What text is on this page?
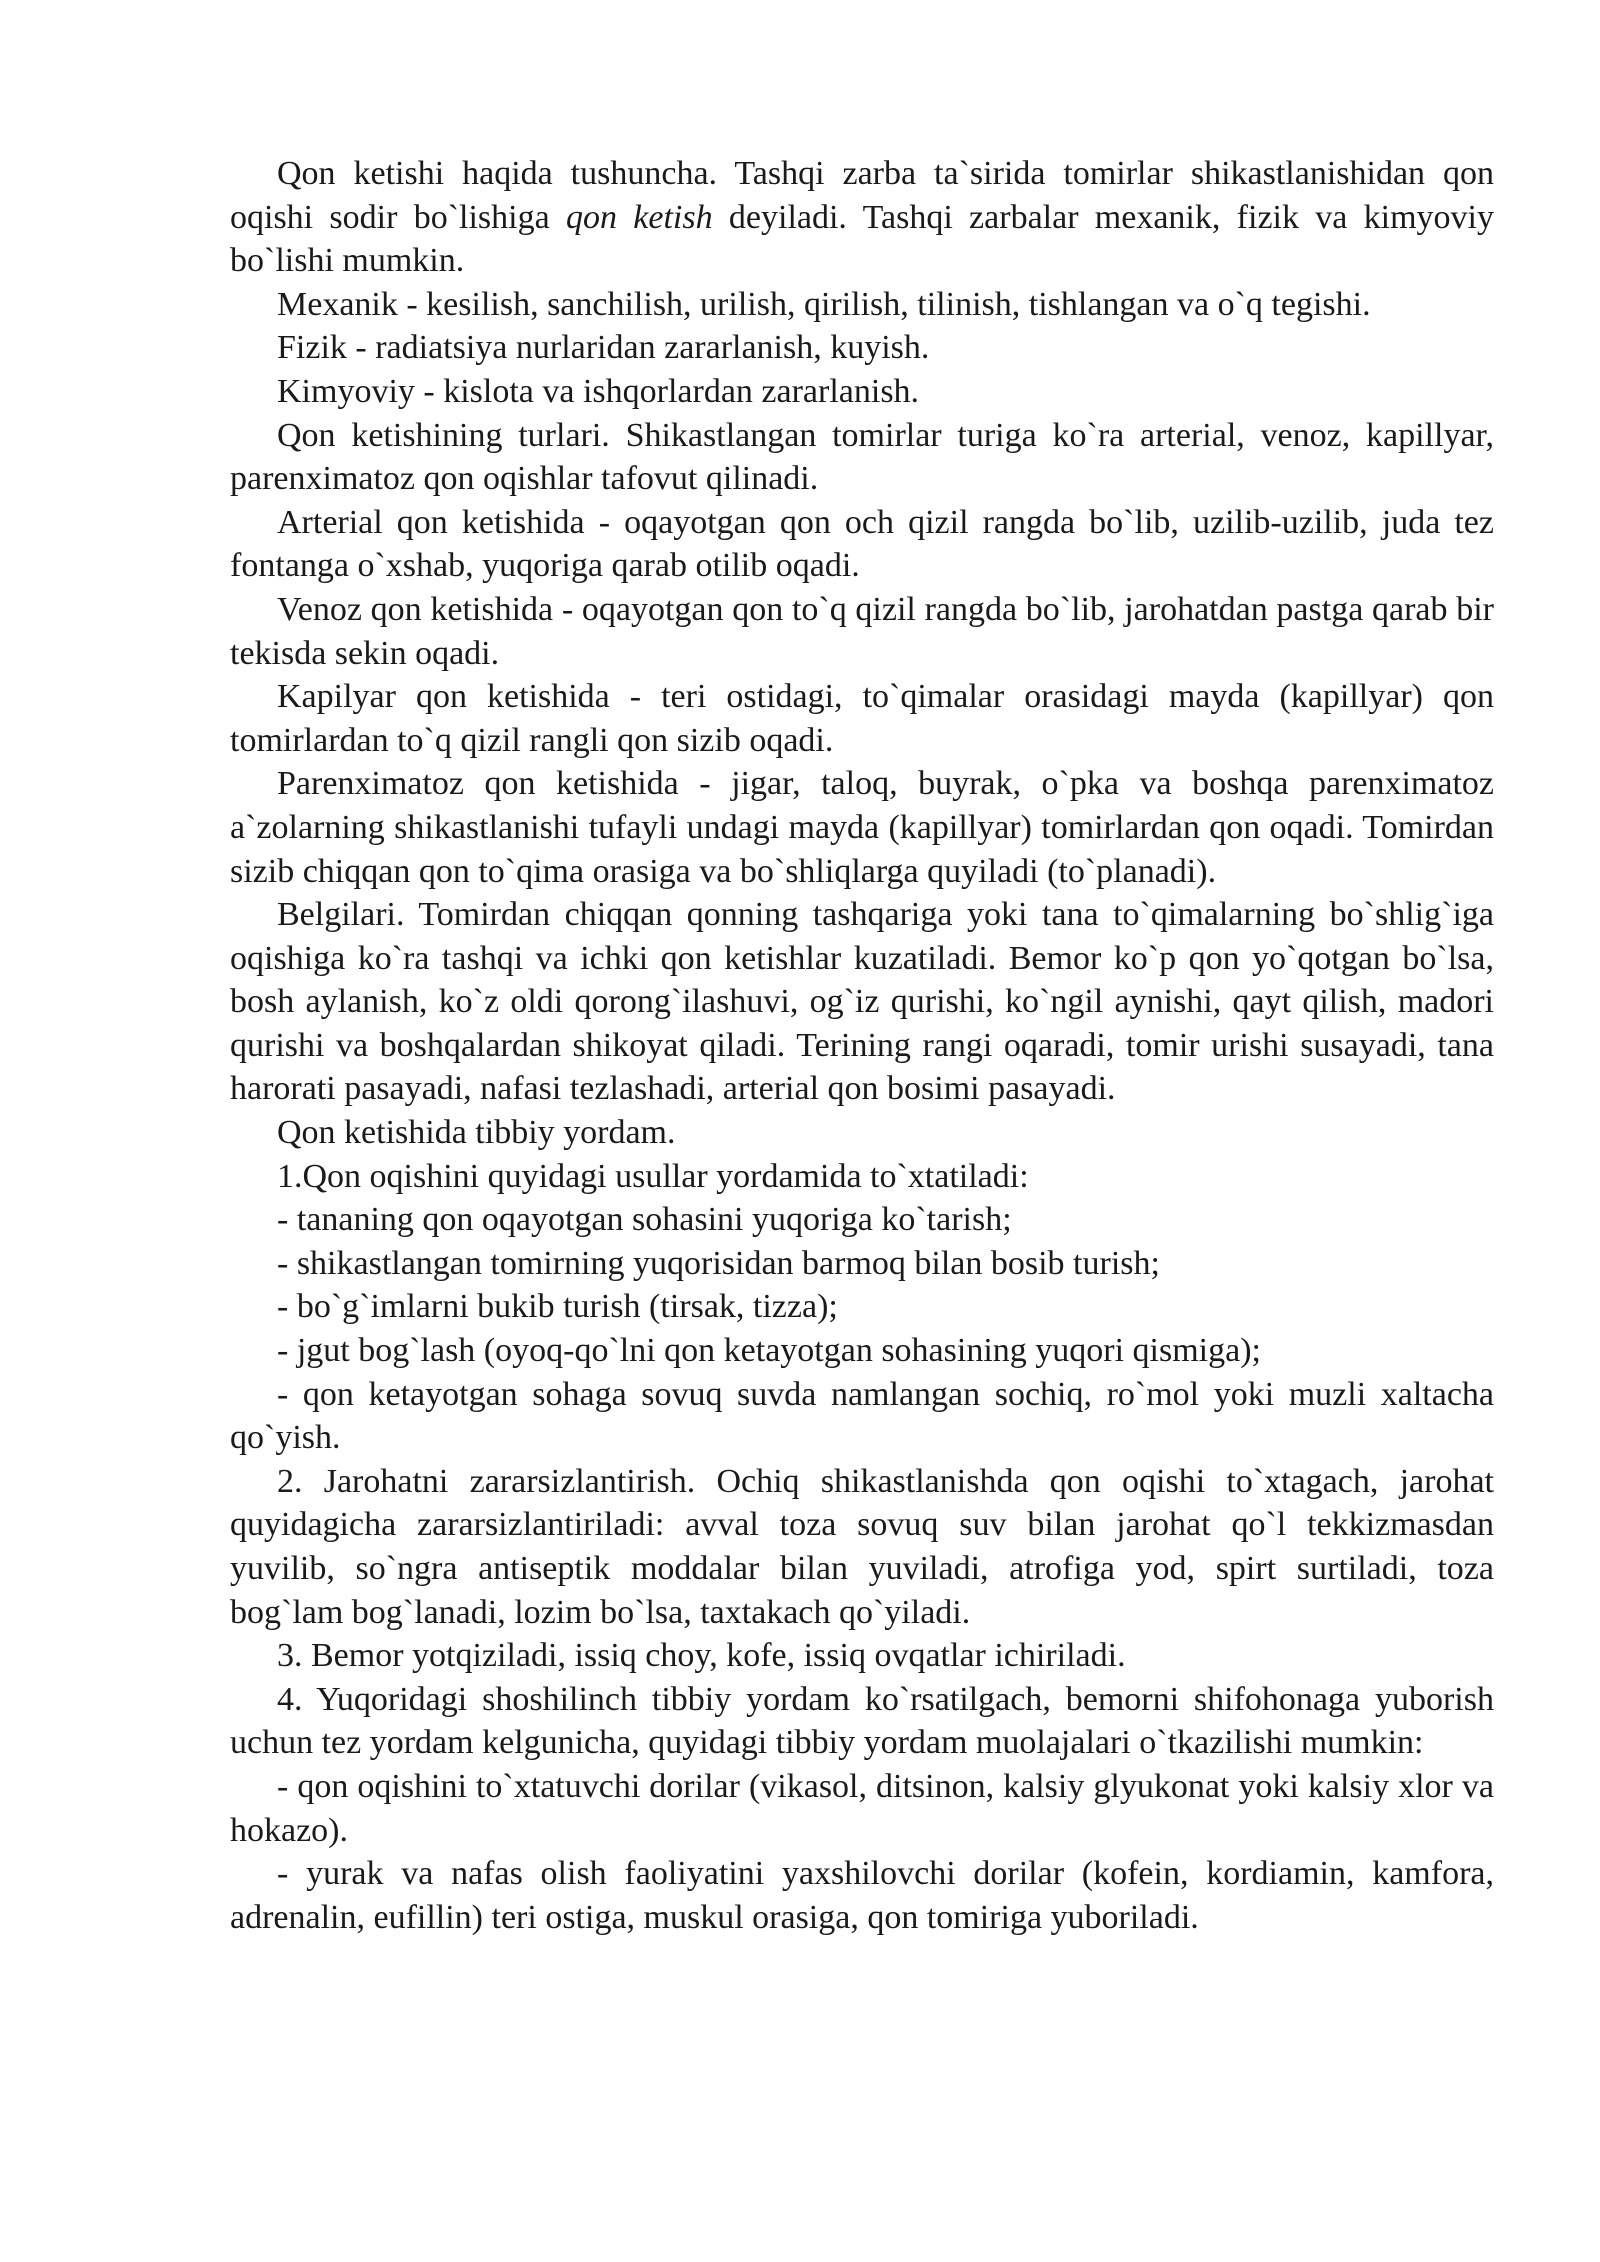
Qon ketishi haqida tushuncha. Tashqi zarba ta`sirida tomirlar shikastlanishidan qon oqishi sodir bo`lishiga qon ketish deyiladi. Tashqi zarbalar mexanik, fizik va kimyoviy bo`lishi mumkin.

Mexanik - kesilish, sanchilish, urilish, qirilish, tilinish, tishlangan va o`q tegishi.

Fizik - radiatsiya nurlaridan zararlanish, kuyish.

Kimyoviy - kislota va ishqorlardan zararlanish.

Qon ketishining turlari. Shikastlangan tomirlar turiga ko`ra arterial, venoz, kapillyar, parenximatoz qon oqishlar tafovut qilinadi.

Arterial qon ketishida - oqayotgan qon och qizil rangda bo`lib, uzilib-uzilib, juda tez fontanga o`xshab, yuqoriga qarab otilib oqadi.

Venoz qon ketishida - oqayotgan qon to`q qizil rangda bo`lib, jarohatdan pastga qarab bir tekisda sekin oqadi.

Kapilyar qon ketishida - teri ostidagi, to`qimalar orasidagi mayda (kapillyar) qon tomirlardan to`q qizil rangli qon sizib oqadi.

Parenximatoz qon ketishida - jigar, taloq, buyrak, o`pka va boshqa parenximatoz a`zolarning shikastlanishi tufayli undagi mayda (kapillyar) tomirlardan qon oqadi. Tomirdan sizib chiqqan qon to`qima orasiga va bo`shliqlarga quyiladi (to`planadi).

Belgilari. Tomirdan chiqqan qonning tashqariga yoki tana to`qimalarning bo`shlig`iga oqishiga ko`ra tashqi va ichki qon ketishlar kuzatiladi. Bemor ko`p qon yo`qotgan bo`lsa, bosh aylanish, ko`z oldi qorong`ilashuvi, og`iz qurishi, ko`ngil aynishi, qayt qilish, madori qurishi va boshqalardan shikoyat qiladi. Terining rangi oqaradi, tomir urishi susayadi, tana harorati pasayadi, nafasi tezlashadi, arterial qon bosimi pasayadi.

Qon ketishida tibbiy yordam.

1.Qon oqishini quyidagi usullar yordamida to`xtatiladi:

- tananing qon oqayotgan sohasini yuqoriga ko`tarish;

- shikastlangan tomirning yuqorisidan barmoq bilan bosib turish;

- bo`g`imlarni bukib turish (tirsak, tizza);

- jgut bog`lash (oyoq-qo`lni qon ketayotgan sohasining yuqori qismiga);

- qon ketayotgan sohaga sovuq suvda namlangan sochiq, ro`mol yoki muzli xaltacha qo`yish.

2. Jarohatni zararsizlantirish. Ochiq shikastlanishda qon oqishi to`xtagach, jarohat quyidagicha zararsizlantiriladi: avval toza sovuq suv bilan jarohat qo`l tekkizmasdan yuvilib, so`ngra antiseptik moddalar bilan yuviladi, atrofiga yod, spirt surtiladi, toza bog`lam bog`lanadi, lozim bo`lsa, taxtakach qo`yiladi.

3. Bemor yotqiziladi, issiq choy, kofe, issiq ovqatlar ichiriladi.

4. Yuqoridagi shoshilinch tibbiy yordam ko`rsatilgach, bemorni shifohonaga yuborish uchun tez yordam kelgunicha, quyidagi tibbiy yordam muolajalari o`tkazilishi mumkin:

- qon oqishini to`xtatuvchi dorilar (vikasol, ditsinon, kalsiy glyukonat yoki kalsiy xlor va hokazo).

- yurak va nafas olish faoliyatini yaxshilovchi dorilar (kofein, kordiamin, kamfora, adrenalin, eufillin) teri ostiga, muskul orasiga, qon tomiriga yuboriladi.
